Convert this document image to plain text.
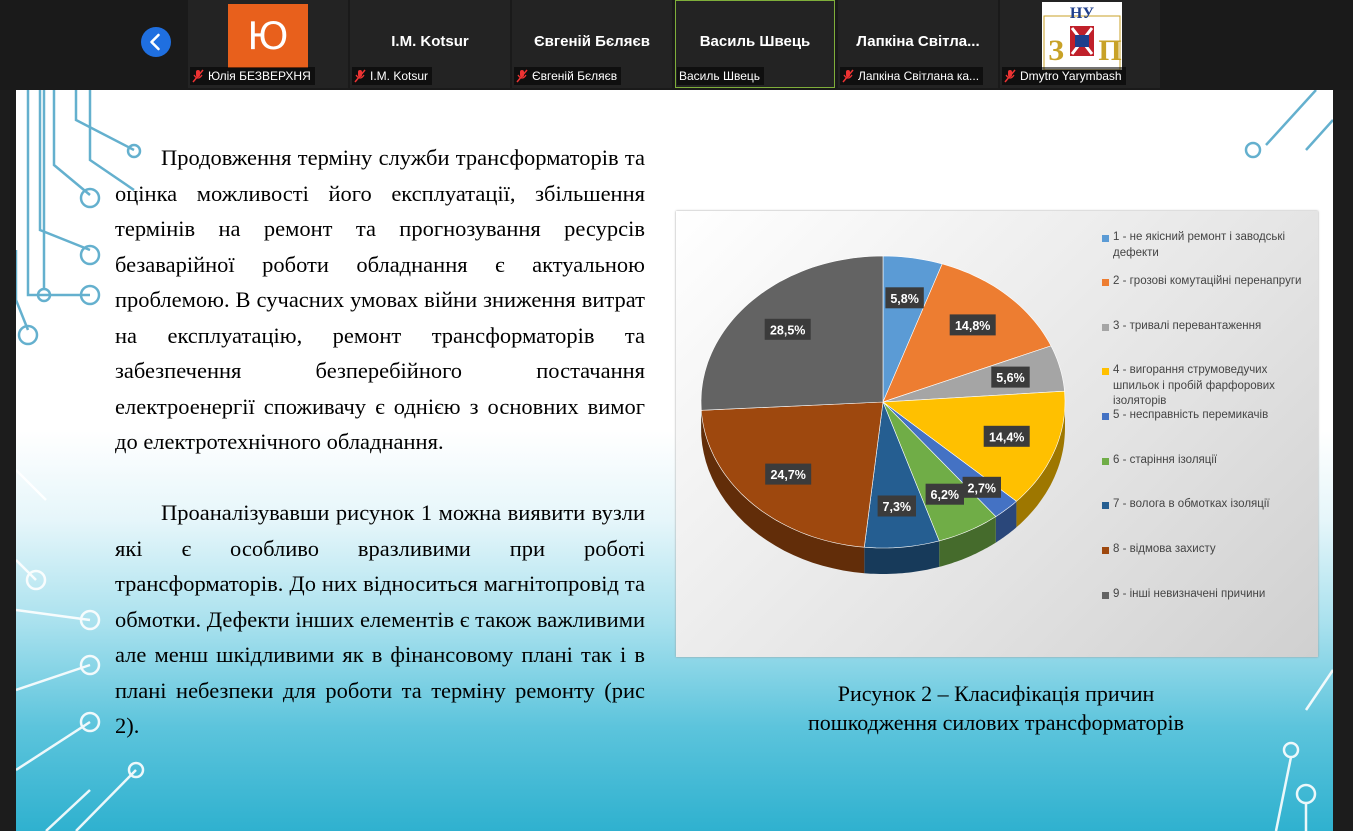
Ю
Юлія БЕЗВЕРХНЯ
I.M. Kotsur
I.M. Kotsur
Євгеній Бєляєв
Євгеній Бєляєв
Василь Швець
Василь Швець
Лапкіна Світла...
Лапкіна Світлана ка...
НУ
З П
Dmytro Yarymbash
Продовження терміну служби трансформаторів та оцінка можливості його експлуатації, збільшення термінів на ремонт та прогнозування ресурсів безаварійної роботи обладнання є актуальною проблемою. В сучасних умовах війни зниження витрат на експлуатацію, ремонт трансформаторів та забезпечення безперебійного постачання електроенергії споживачу є однією з основних вимог до електротехнічного обладнання.
Проаналізувавши рисунок 1 можна виявити вузли які є особливо вразливими при роботі трансформаторів. До них відноситься магнітопровід та обмотки. Дефекти інших елементів є також важливими але менш шкідливими як в фінансовому плані так і в плані небезпеки для роботи та терміну ремонту (рис 2).
5,8%
14,8%
5,6%
14,4%
2,7%
6,2%
7,3%
24,7%
28,5%
1 - не якісний ремонт і заводські дефекти
2 - грозові комутаційні перенапруги
3 - тривалі перевантаження
4 - вигорання струмоведучих шпильок і пробій фарфорових ізоляторів
5 - несправність перемикачів
6 - старіння ізоляції
7 - волога в обмотках ізоляції
8 - відмова захисту
9 - інші невизначені причини
Рисунок 2 – Класифікація причин
пошкодження силових трансформаторів
